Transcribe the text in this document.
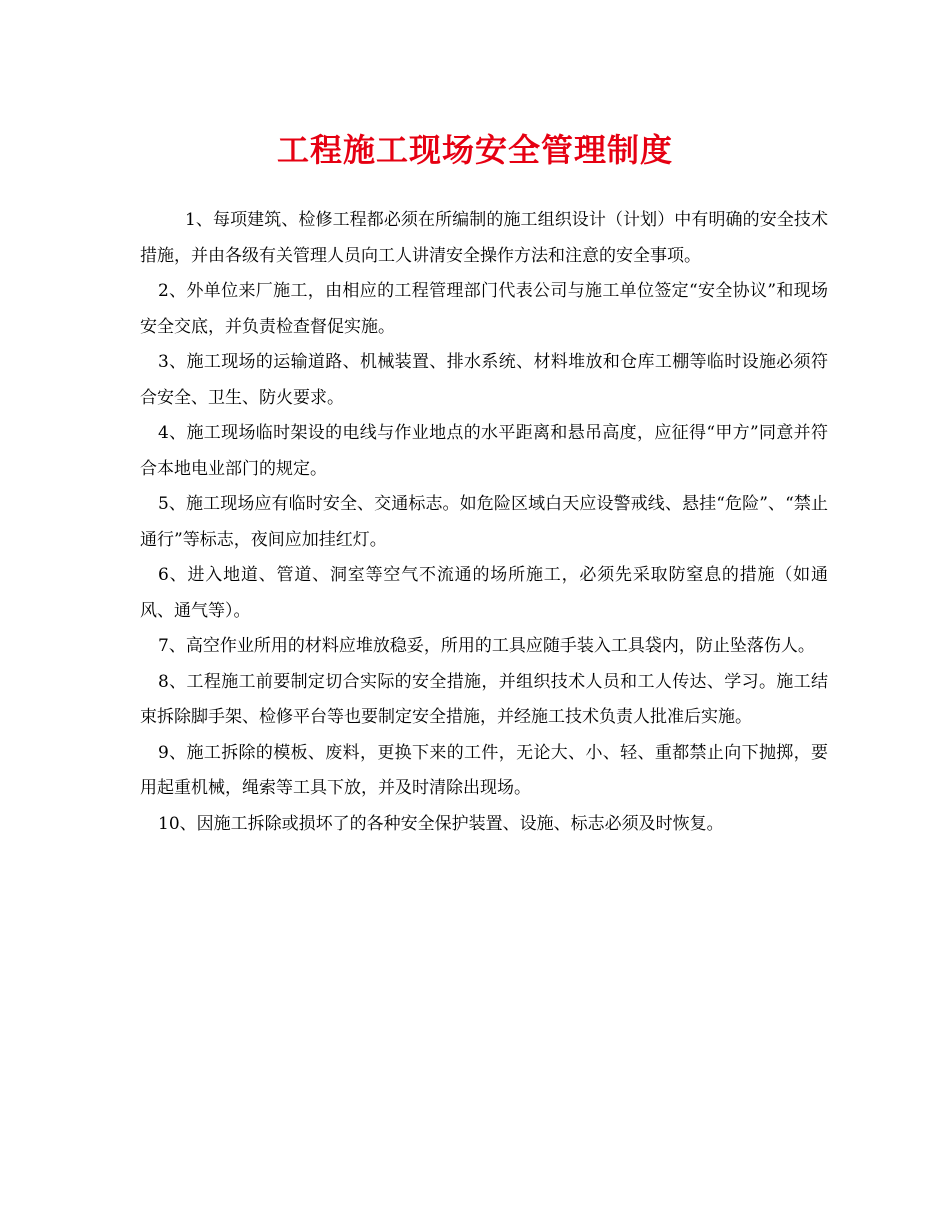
工程施工现场安全管理制度

1、每项建筑、检修工程都必须在所编制的施工组织设计（计划）中有明确的安全技术措施，并由各级有关管理人员向工人讲清安全操作方法和注意的安全事项。

2、外单位来厂施工，由相应的工程管理部门代表公司与施工单位签定“安全协议”和现场安全交底，并负责检查督促实施。

3、施工现场的运输道路、机械装置、排水系统、材料堆放和仓库工棚等临时设施必须符合安全、卫生、防火要求。

4、施工现场临时架设的电线与作业地点的水平距离和悬吊高度，应征得“甲方”同意并符合本地电业部门的规定。

5、施工现场应有临时安全、交通标志。如危险区域白天应设警戒线、悬挂“危险”、“禁止通行”等标志，夜间应加挂红灯。

6、进入地道、管道、洞室等空气不流通的场所施工，必须先采取防窒息的措施（如通风、通气等）。

7、高空作业所用的材料应堆放稳妥，所用的工具应随手装入工具袋内，防止坠落伤人。

8、工程施工前要制定切合实际的安全措施，并组织技术人员和工人传达、学习。施工结束拆除脚手架、检修平台等也要制定安全措施，并经施工技术负责人批准后实施。

9、施工拆除的模板、废料，更换下来的工件，无论大、小、轻、重都禁止向下抛掷，要用起重机械，绳索等工具下放，并及时清除出现场。

10、因施工拆除或损坏了的各种安全保护装置、设施、标志必须及时恢复。
